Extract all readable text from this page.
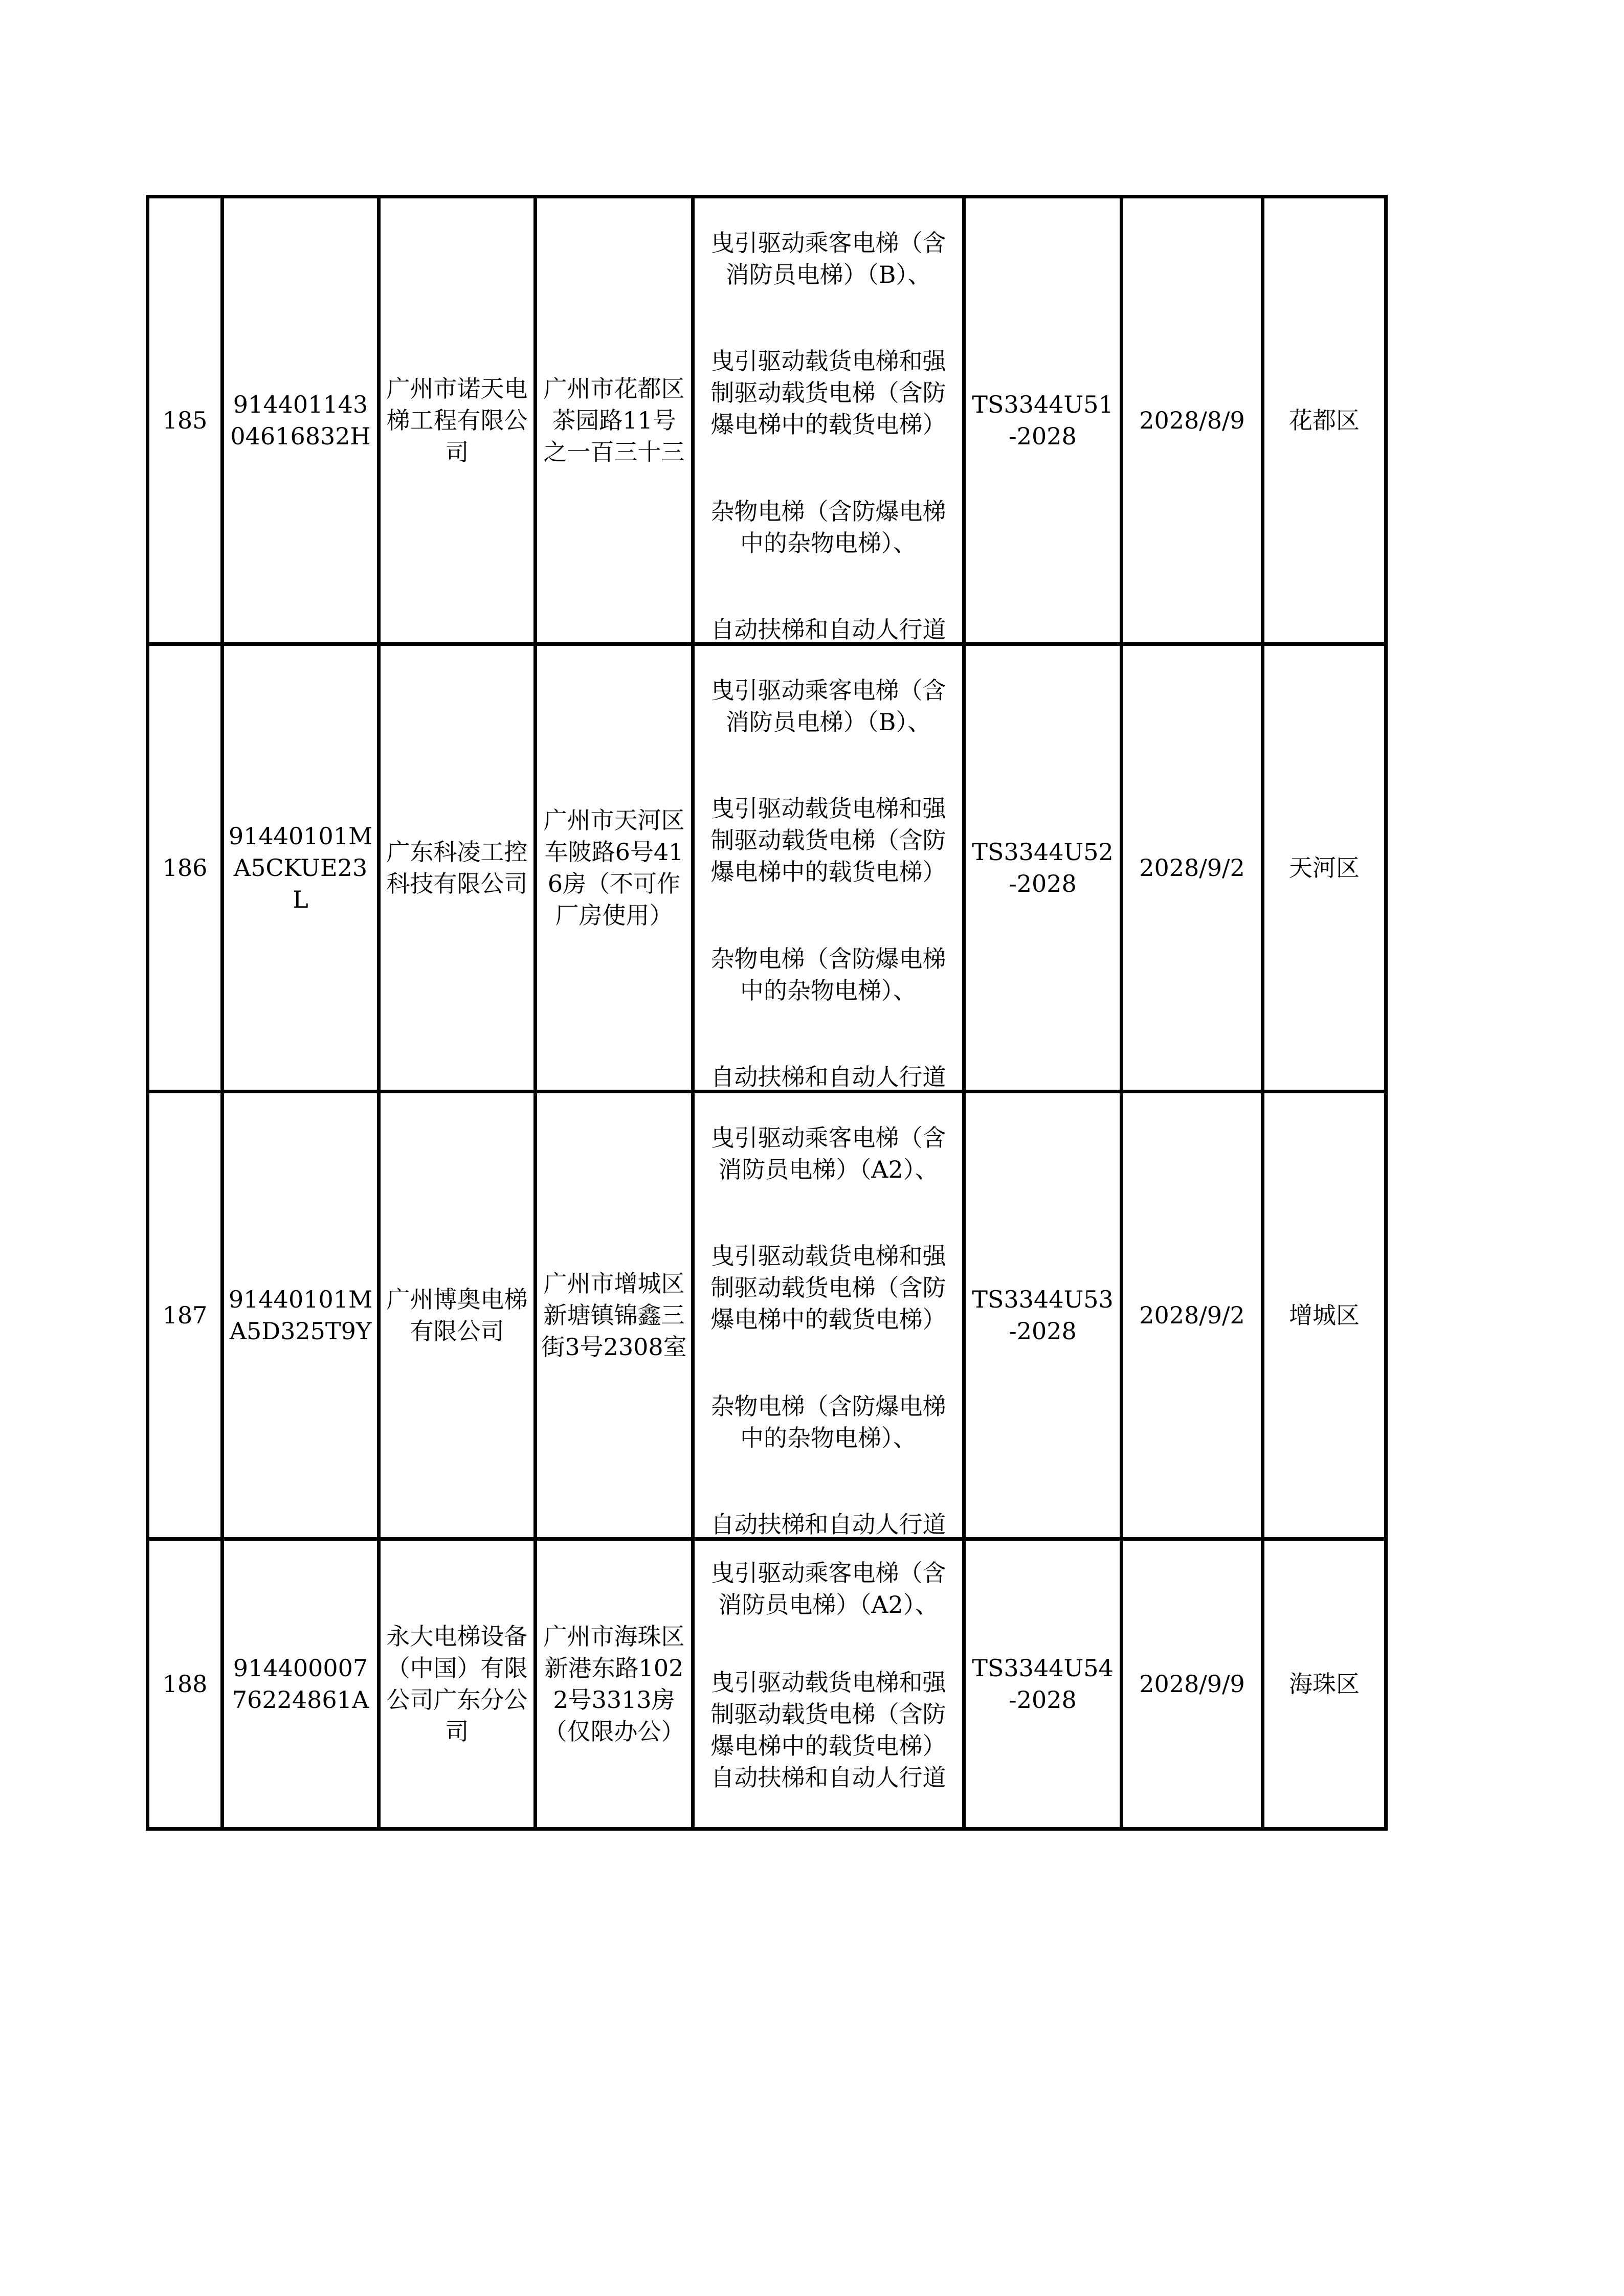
185	91440114304616832H	广州市诺天电梯工程有限公司	广州市花都区茶园路11号之一百三十三	曳引驱动乘客电梯（含消防员电梯）（B）、
曳引驱动载货电梯和强制驱动载货电梯（含防爆电梯中的载货电梯）
杂物电梯（含防爆电梯中的杂物电梯）、
自动扶梯和自动人行道	TS3344U51-2028	2028/8/9	花都区
186	91440101MA5CKUE23L	广东科凌工控科技有限公司	广州市天河区车陂路6号416房（不可作厂房使用）	曳引驱动乘客电梯（含消防员电梯）（B）、
曳引驱动载货电梯和强制驱动载货电梯（含防爆电梯中的载货电梯）
杂物电梯（含防爆电梯中的杂物电梯）、
自动扶梯和自动人行道	TS3344U52-2028	2028/9/2	天河区
187	91440101MA5D325T9Y	广州博奥电梯有限公司	广州市增城区新塘镇锦鑫三街3号2308室	曳引驱动乘客电梯（含消防员电梯）（A2）、
曳引驱动载货电梯和强制驱动载货电梯（含防爆电梯中的载货电梯）
杂物电梯（含防爆电梯中的杂物电梯）、
自动扶梯和自动人行道	TS3344U53-2028	2028/9/2	增城区
188	91440000776224861A	永大电梯设备（中国）有限公司广东分公司	广州市海珠区新港东路1022号3313房（仅限办公）	曳引驱动乘客电梯（含消防员电梯）（A2）、
曳引驱动载货电梯和强制驱动载货电梯（含防爆电梯中的载货电梯）
自动扶梯和自动人行道	TS3344U54-2028	2028/9/9	海珠区
